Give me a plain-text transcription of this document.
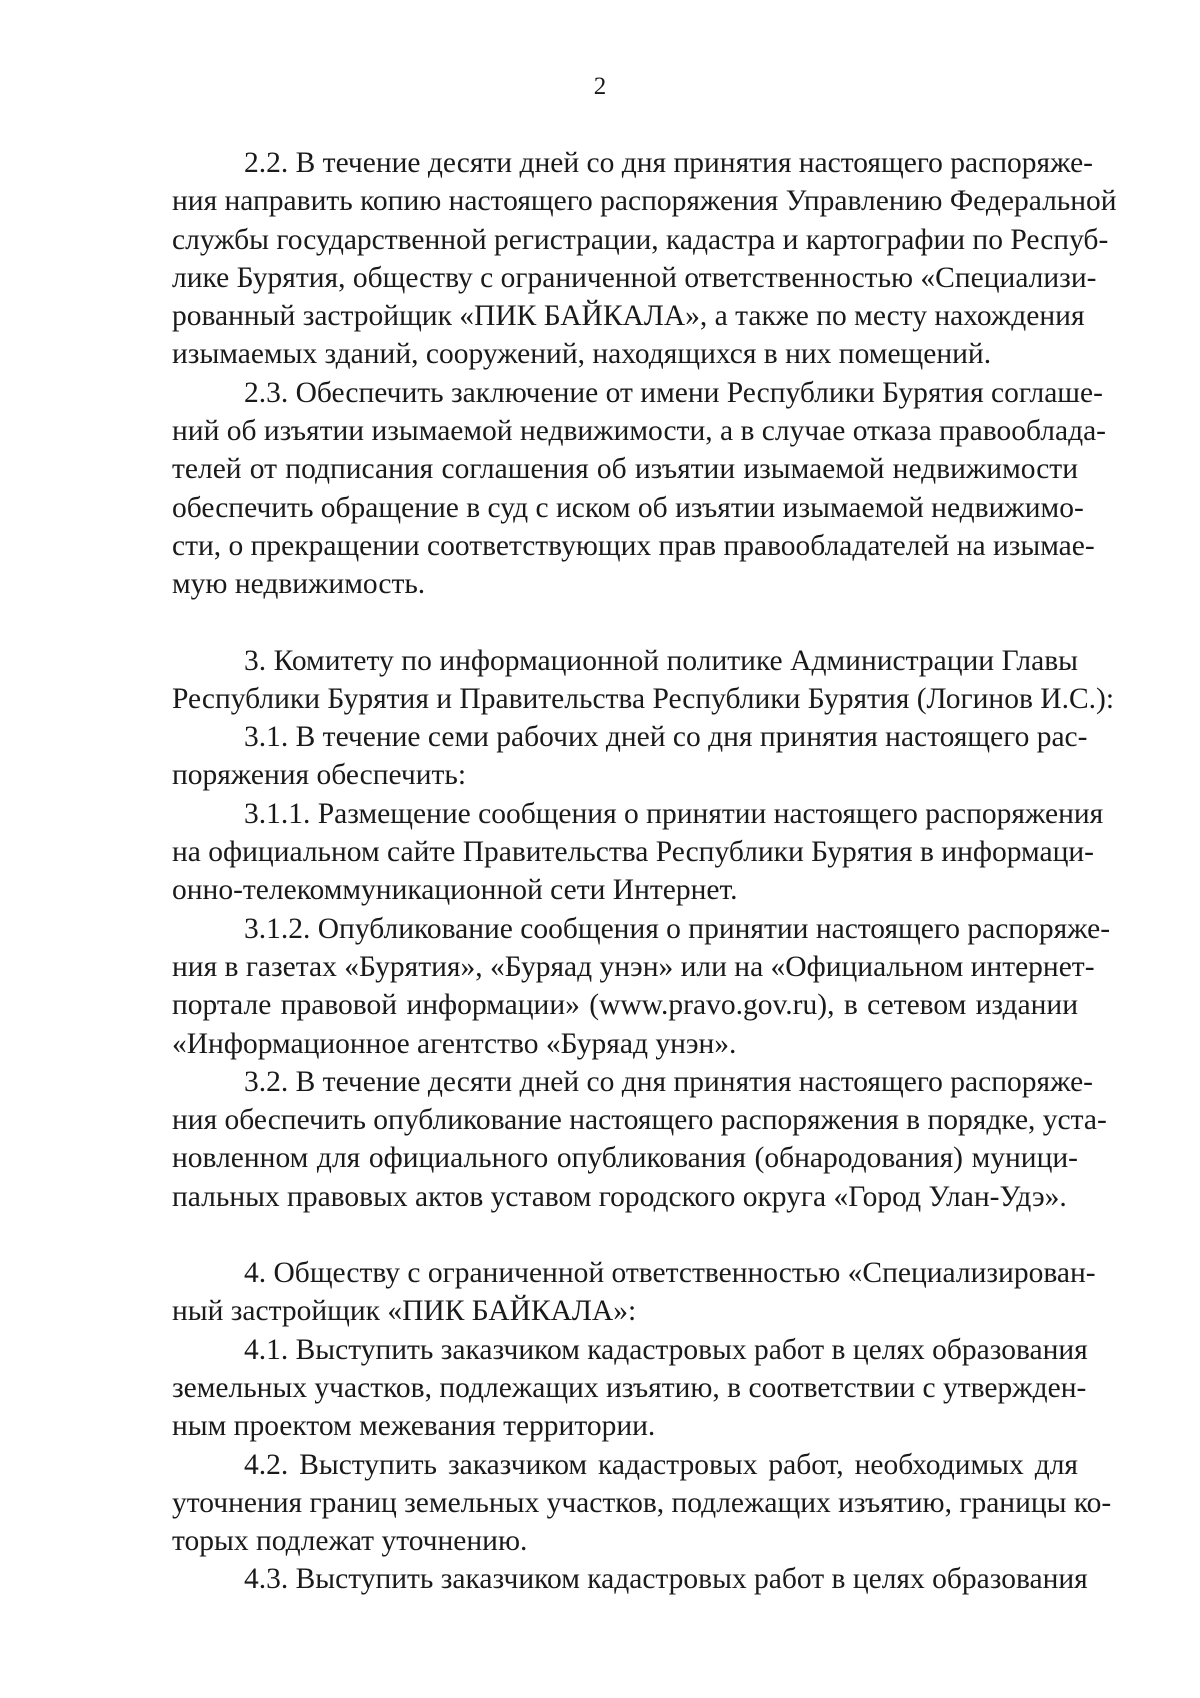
2
2.2. В течение десяти дней со дня принятия настоящего распоряже-
ния направить копию настоящего распоряжения Управлению Федеральной
службы государственной регистрации, кадастра и картографии по Респуб-
лике Бурятия, обществу с ограниченной ответственностью «Специализи-
рованный застройщик «ПИК БАЙКАЛА», а также по месту нахождения
изымаемых зданий, сооружений, находящихся в них помещений.
2.3. Обеспечить заключение от имени Республики Бурятия соглаше-
ний об изъятии изымаемой недвижимости, а в случае отказа правооблада-
телей от подписания соглашения об изъятии изымаемой недвижимости
обеспечить обращение в суд с иском об изъятии изымаемой недвижимо-
сти, о прекращении соответствующих прав правообладателей на изымае-
мую недвижимость.
3. Комитету по информационной политике Администрации Главы
Республики Бурятия и Правительства Республики Бурятия (Логинов И.С.):
3.1. В течение семи рабочих дней со дня принятия настоящего рас-
поряжения обеспечить:
3.1.1. Размещение сообщения о принятии настоящего распоряжения
на официальном сайте Правительства Республики Бурятия в информаци-
онно-телекоммуникационной сети Интернет.
3.1.2. Опубликование сообщения о принятии настоящего распоряже-
ния в газетах «Бурятия», «Буряад унэн» или на «Официальном интернет-
портале правовой информации» (www.pravo.gov.ru), в сетевом издании
«Информационное агентство «Буряад унэн».
3.2. В течение десяти дней со дня принятия настоящего распоряже-
ния обеспечить опубликование настоящего распоряжения в порядке, уста-
новленном для официального опубликования (обнародования) муници-
пальных правовых актов уставом городского округа «Город Улан-Удэ».
4. Обществу с ограниченной ответственностью «Специализирован-
ный застройщик «ПИК БАЙКАЛА»:
4.1. Выступить заказчиком кадастровых работ в целях образования
земельных участков, подлежащих изъятию, в соответствии с утвержден-
ным проектом межевания территории.
4.2. Выступить заказчиком кадастровых работ, необходимых для
уточнения границ земельных участков, подлежащих изъятию, границы ко-
торых подлежат уточнению.
4.3. Выступить заказчиком кадастровых работ в целях образования
